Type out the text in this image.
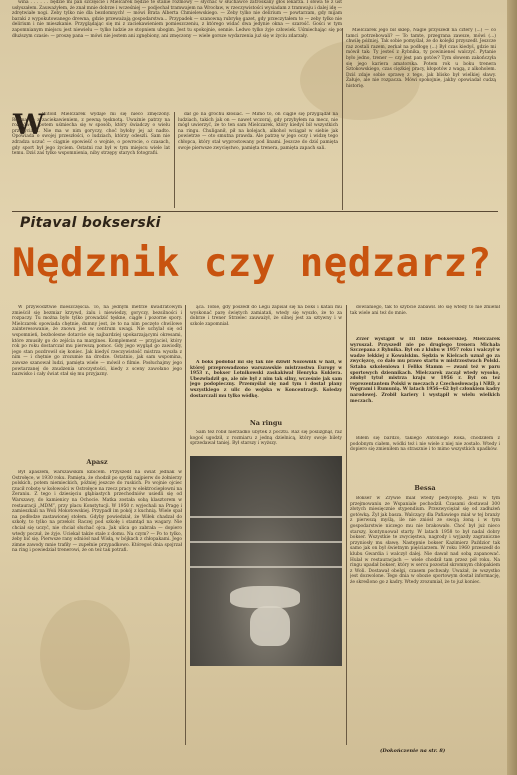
wina . . . . . . będzie mi pan szczęście i Mielcarek będzie te stanie rozmowy — słychać w słuchawce zatroskany głos lekarza. I słowa te z ust usłyszałem. Zauważyłem, że znał mnie dobrze i wcześniej — podjechał tramwajem na Wrocław, w rzeczywistości wysiadam z tramwaju i dalej idę — zdrętwiałe nogi. Zeby tylko nie dla bezdomnych! — mówi Brata Alberta Chmielewskiego. — Zeby tylko nie delirium — powtarzam, gdy mijam baraki z wypokutowanego drewna, gdzie przeważają gospodarstwa... Przypadek — szanowną rubrykę gazet, gdy przeczytałem to — zeby tylko nie delirium i nie mieszkanie. Przyglądając się mi z zaciekawieniem pomieszczeniu, z którego widać dwa jedynie okna — szarość. Gości w tym zapomnianym miejscu jest niewielu — tylko ludzie ze stopniem ubogim. Jest tu spokojnie, sennie. Ledwo tylko żyje człowiek. Uśmiechając się po dłuższym czasie: — proszę pana — mówi nie jestem ani zgnębiony, ani zmęczony — wiele gorsze wydarzenia już się w życiu zdarzały.

W

Witold Mielczarek wydaje mi się nieco zmęczony. Rozmawia z zaciekawieniem, z pewną tęsknotą. Uważnie patrzy na rozmówcę, potem uśmiecha się w sposób, który świadczy o wielu przeżyciach. Nie ma w nim goryczy, choć byłoby jej aż nadto. Opowiada o swojej przeszłości, o ludziach, którzy odeszli. Sam nie zdradza uczuć — ciągnie opowieść o wojnie, o powrocie, o czasach, gdy sport był jego życiem. Ostatni raz był w tym miejscu wiele lat temu. Dziś zaś tylko wspomnienia, niby strzępy starych fotografii.

dał go na grochu kłosiać. — Mimo to, on ciągle się przyglądał na ludziach, takich jak on — nawet wczoraj, gdy przybyłem na mecz, nie mógł uwierzyć, że to ten sam Mielczarek, który kiedyś bił wszystkich na ringu. Chuliganił, pił na kolejach, alkohol wciągał w siebie jak powietrze — oto smutna prawda. Ale patrzę w jego oczy i widzę tego chłopca, który stał wyprostowany pod linami. Jeszcze do dziś pamięta swoje pierwsze zwycięstwo, pamięta trenera, pamięta zapach sali.

Mielczarek jego bił sklep, Nagle przyszedł na cztery (...) — co tamci potrzebowali? — To tamte, przegrana zawsze, mówi (...) chwilę później. Tak sobie pomyślał, że do kolejki przyszedł. Jeszcze raz zostali razem, zerkał na podłogę (...) Był czas kiedyś, gdzie mi mówił tak: Ty jesteś z Rybnika, ty powinieneś walczyć. Pytanie było jedno, trener — czy jest pan gotów? Tym słowem zakończyła się jego kariera amatorska. Potem rok u boku trenera Sztokowskiego, czas ciężkiej pracy, kłopotów z wagą, z alkoholem. Dziś zdaje sobie sprawę z tego, jak blisko był wielkiej sławy. Żałuje, ale nie rozpacza. Mówi spokojnie, jakby opowiadał cudzą historię.

Pitaval bokserski
Nędznik czy nędzarz?

W przywództwie mieszczęścia. To, na jednym metrze kwadratowym zmieścił się bezmiar krzywd, żalu i niewiedzy, goryczy, bezsilności i rozpaczy. Tu można było tylko prowadzić tęskne, ciągłe i pozorne spory. Mielczarek opowiada chętnie, dumny jest, że to na nim poczęto chwilowe zainteresowanie, że znowu jest w centrum uwagi. Nie uchylał się od wspomnień, bezbolesne dotarcie się najbardziej upokarzającymi okresami, które zmusiły go do zejścia na margines. Komplement — przyjaciel, który rok po roku dostarczał mu pierwszą pomoc. Gdy jego wygląd go zawiodły, jego stan pozdrowił się koniec. Jak kiedyś rzeczywistość mistrza wyszła z nim — i chętnie go zrozumie na drodze. Ostatnio, jak sam wspomina, zawsze szanował ludzi, pamięta wiele — mówił o filmie. Posłuchajmy jego powtarzanej do znudzenia uroczystości, kiedy z sceny zawołano jego nazwisko i cały świat stał się mu przyjazny.

Apasz

Był apaszem, warszawskim kibicem. Przyszedł na świat jednak w Ostrołęce, w 1930 roku. Pamięta, że chodził po spytki najpierw do żołnierzy polskich, potem niemieckich, później jeszcze do ruskich. Po wojnie ojciec rzucił robotę w kołowości w Ostrołęce na rzecz pracy w elektrociepłowni na Żeraniu. Z tego i dziesięciu głąbiastych przechodniów usiedli się od Warszawy, do kamienicy na Ochocie. Matka została sobą klasztorem w restauracji „MDM”, przy placu Konstytucji. W 1950 r. wyjechali na Pragę i zamieszkali na Woli Mokotowskiej. Przypadł im pokój z kuchnią. Wiele spał na podłodze zastawionej stołem. Gdyby powiedział, że Wiłek chadzał do szkoły, to tylko na przekór. Raczej pod szkołę i stamtąd na wagary. Nie chciał się uczyć, nie chciał słuchać ojca. Jak ulica go zabrała — dopiero wtedy poczuł, że żyje. Uciekał także stale z domu. Na czym? — Po to tylko, żeby bić się. Pierwsze rany odniósł nad Wisłą, w bójkach z chłopakami. Jego zimne zawody mnie trafiły — zupełnie przypadkowo. Któregoś dnia spojrzał na ring i powiedział trenerowi, że on też tak potrafi.

ąca. Tobie, gdy poszedł do Legii zapisał się na boks i katali mu wyskonać parę świętych zamiatań, wtedy się wyszło, że to za dobrze i trener Strzelec zauważył, że silnej jest za sztywny i w szkole zapomniał.

A boks podobał mi się tak nie dziwił Nozownik w hali, w której przeprowadzono warszawskie mistrzostwa Europy w 1953 r., bokser Lotnikowski zaskakiwał Henryka Kukiera. Ubezwładził go, ale nie był z nim tak silny, wcześnie jak sam jego podopieczny. Przemyślał się nad tym i dostał plany wszystkiego z ulic do wojska w Koncentracji. Koledzy dostarczali mu tylko wódkę.

Na ringu

Sam też robił nierzadko ubytek z pocztu. Raz się poślizgnął, raz kogoś ugodził, z rozmiaru z jedną dzielnicą, który swoje bilety sprzedawał taniej. Był starszy i wyższy.

dowlaniego, tak to szybcie zabawił. Bo się wtedy to nie zmienił tak wiele ani też do mnie.

Zrzer wystąpił w III lidze bokserskiej. Mielczarek wyruszał. Przyszedł nie po drugiego trenera Michała Szczepana z Rybnika. Był on z klubu w 1957 roku i walczył w wadze lekkiej z Kowalskim. Sędzia w Kielcach uznał go za zwycięzcę, co dało mu prawo startu w mistrzostwach Polski. Sztaba szkoleniowa i Feliks Stamm — zwani też w paru sportowych dziennikach. Mielczarek zaczął wtedy wysoko, zdobył tytuł mistrza kraju w 1956 r. Był on też reprezentantem Polski w meczach z Czechosłowacją i NRD, z Węgrami i Rumunią. W latach 1956—62 był członkiem kadry narodowej. Zrobił kariery i wystąpił w wielu wielkich meczach.

Biłem się bardzo, takiego Antoniego Roka, chodziłem z podobnym ciałem, wódki też i nie wiele z niej nie zostało. Wtedy i dopiero się zmieniłem na strasznie i to mimo wszystkich upadków.

Bessa

Bokser w Zrywie miał wtedy pedyceptę. Jeśli w tym przejmowaniu ze Wspaniale pochodził. Czasami dostawał 300 złotych miesięcznie stypendium. Przezwyciężał się od zadłużeń gotówką. Żył jak basza. Walczący dla Pafiawiego miał w tej branży z pierwszą myślą, ile nie zniósł ze swoją żoną i w tym gospodarstwie niczego mu nie brakowało. Choć był już nieco starszy, kontynuował starty. W latach 1958 to był nadal dobry bokser. Wszystkie te zwycięstwa, nagrody i wyjazdy zagraniczne przyniosły mu sławę. Następnie bokser Kazimierz Paździor tak samo jak on był świetnym pięściarzem. W roku 1960 przeszedł do klubu Gwardia i walczył dalej. Nie dawał nad sobą zapanować. Hulał w restauracjach — wiele chodził tam przez pół roku. Na ringu upadał bokser, który w sercu pozostał skromnym chłopakiem z Woli. Dostawał obelgi, czasem pochwały. Uważał, że wszystko jest dozwolone. Tego dnia w obozie sportowym dostał informację, że skreślono go z kadry. Wtedy zrozumiał, że to już koniec.

(Dokończenie na str. 8)
